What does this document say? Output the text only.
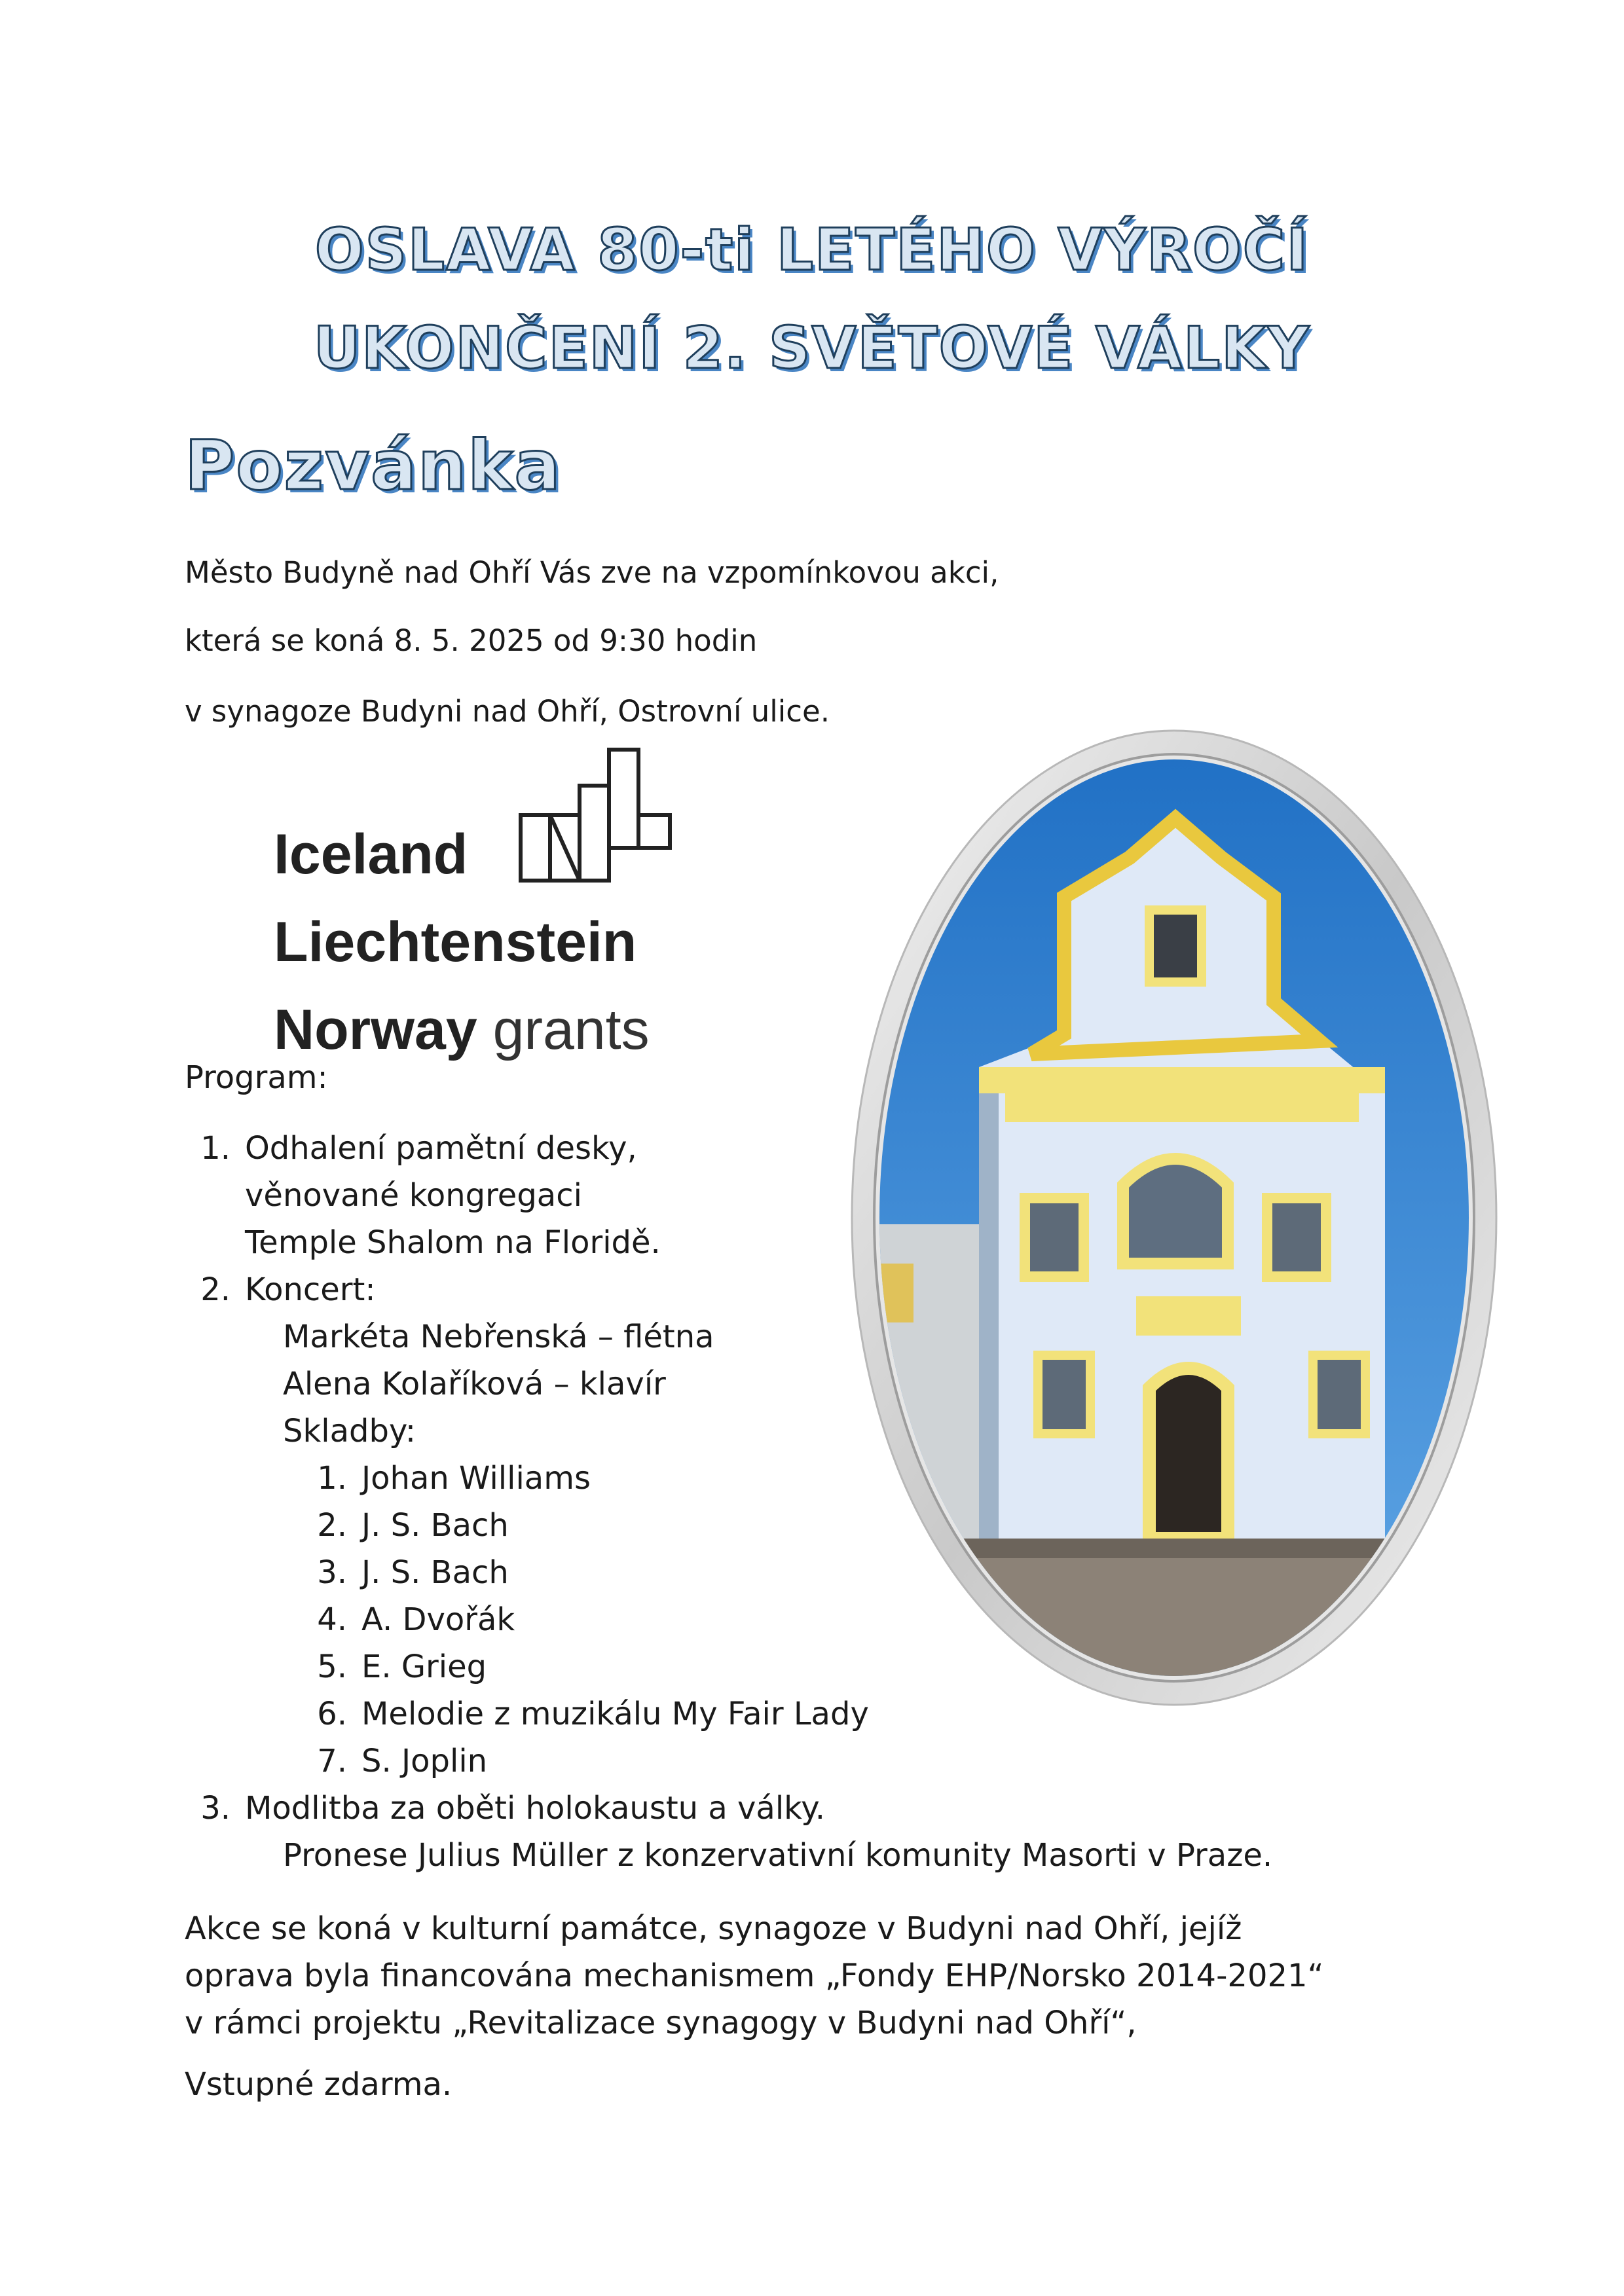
OSLAVA 80-ti LETÉHO VÝROČÍ
UKONČENÍ 2. SVĚTOVÉ VÁLKY
Pozvánka
Město Budyně nad Ohří Vás zve na vzpomínkovou akci,
která se koná 8. 5. 2025 od 9:30 hodin
v synagoze Budyni nad Ohří, Ostrovní ulice.
Iceland
Liechtenstein
Norway grants
Program:
1. Odhalení pamětní desky,
věnované kongregaci
Temple Shalom na Floridě.
2. Koncert:
Markéta Nebřenská – flétna
Alena Kolaříková – klavír
Skladby:
1. Johan Williams
2. J. S. Bach
3. J. S. Bach
4. A. Dvořák
5. E. Grieg
6. Melodie z muzikálu My Fair Lady
7. S. Joplin
3. Modlitba za oběti holokaustu a války.
Pronese Julius Müller z konzervativní komunity Masorti v Praze.
Akce se koná v kulturní památce, synagoze v Budyni nad Ohří, jejíž
oprava byla financována mechanismem „Fondy EHP/Norsko 2014-2021“
v rámci projektu „Revitalizace synagogy v Budyni nad Ohří“,
Vstupné zdarma.
